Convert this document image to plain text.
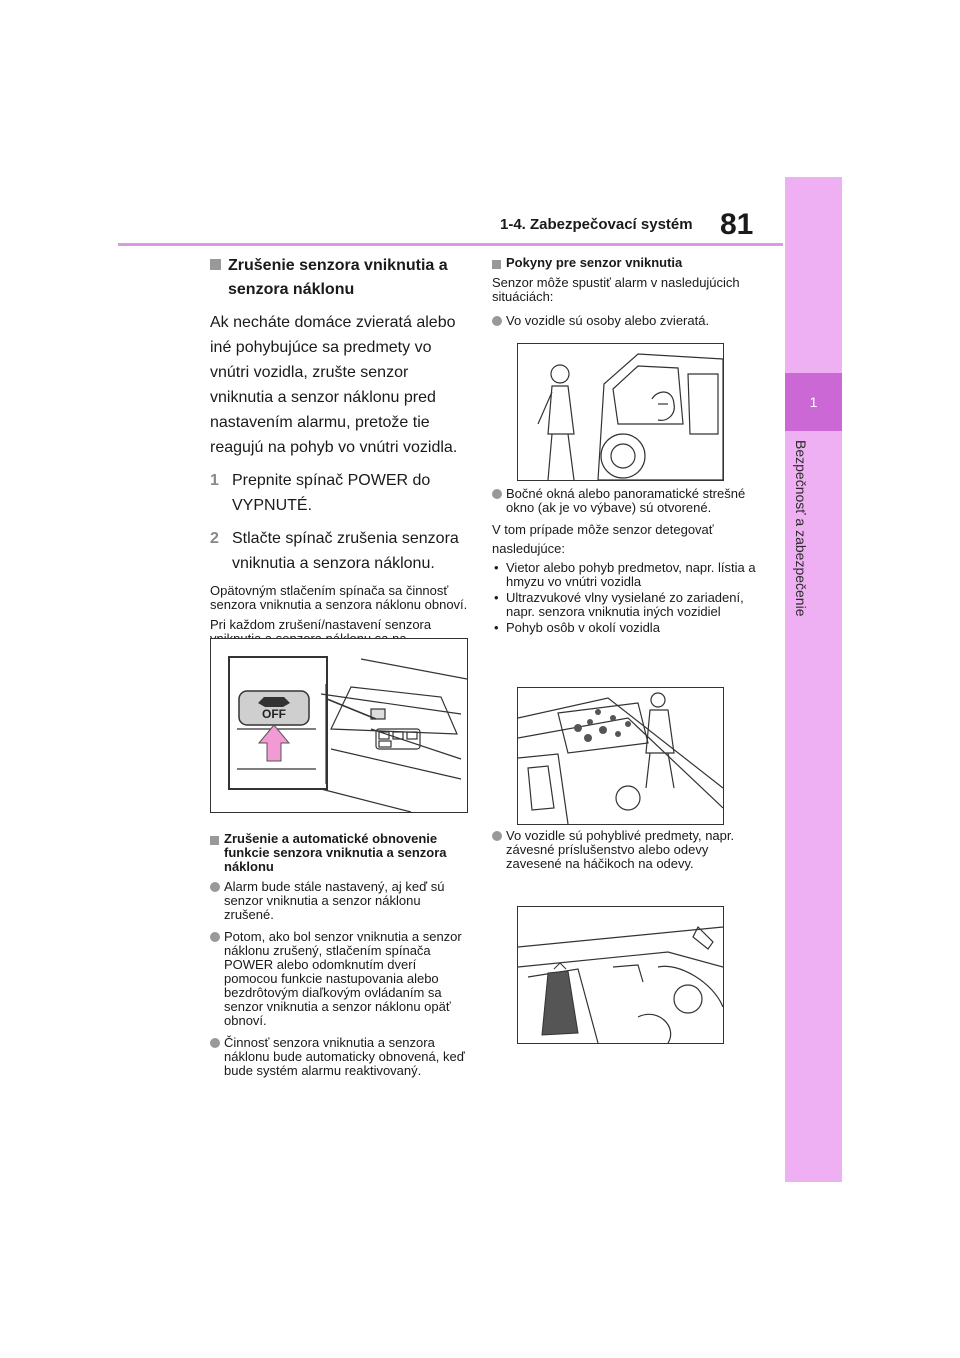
1-4. Zabezpečovací systém 81
1
Bezpečnosť a zabezpečenie
Zrušenie senzora vniknutia a senzora náklonu

Ak necháte domáce zvieratá alebo iné pohybujúce sa predmety vo vnútri vozidla, zrušte senzor vniknutia a senzor náklonu pred nastavením alarmu, pretože tie reagujú na pohyb vo vnútri vozidla.

1 Prepnite spínač POWER do VYPNUTÉ.
2 Stlačte spínač zrušenia senzora vniknutia a senzora náklonu.

Opätovným stlačením spínača sa činnosť senzora vniknutia a senzora náklonu obnoví.

Pri každom zrušení/nastavení senzora

OFF
Zrušenie a automatické obnovenie funkcie senzora vniknutia a senzora náklonu
Alarm bude stále nastavený, aj keď sú senzor vniknutia a senzor náklonu zrušené.
Potom, ako bol senzor vniknutia a senzor náklonu zrušený, stlačením spínača POWER alebo odomknutím dverí pomocou funkcie nastupovania alebo bezdrôtovým diaľkovým ovládaním sa senzor vniknutia a senzor náklonu opäť obnoví.
Činnosť senzora vniknutia a senzora náklonu bude automaticky obnovená, keď bude systém alarmu reaktivovaný.
Pokyny pre senzor vniknutia

Senzor môže spustiť alarm v nasledujúcich situáciách:

Vo vozidle sú osoby alebo zvieratá.
Bočné okná alebo panoramatické strešné okno (ak je vo výbave) sú otvorené.

V tom prípade môže senzor detegovať

nasledujúce:

• Vietor alebo pohyb predmetov, napr. lístia a hmyzu vo vnútri vozidla
• Ultrazvukové vlny vysielané zo zariadení, napr. senzora vniknutia iných vozidiel
• Pohyb osôb v okolí vozidla
Vo vozidle sú pohyblivé predmety, napr. závesné príslušenstvo alebo odevy zavesené na háčikoch na odevy.
